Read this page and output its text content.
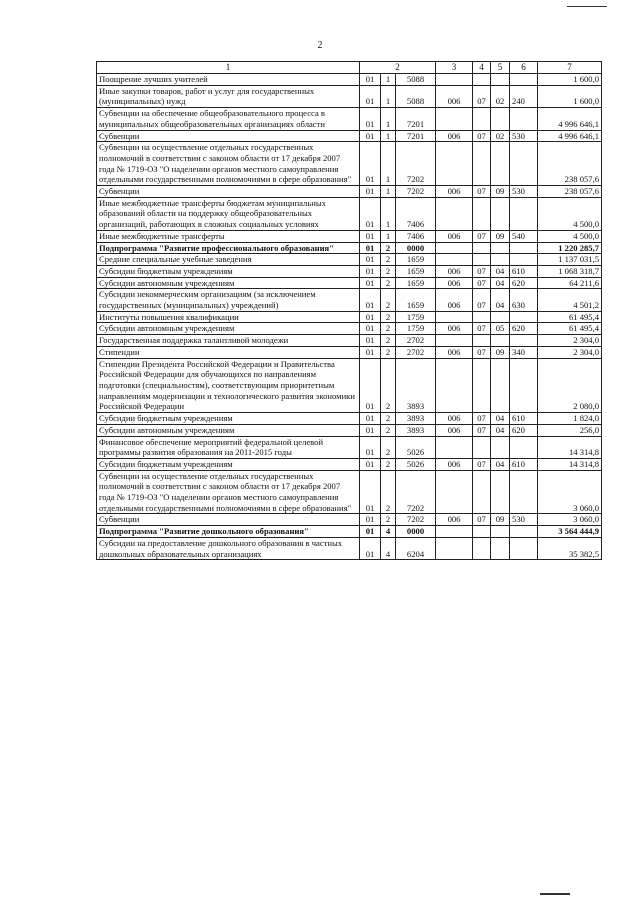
2
1	2			3	4	5	6	7
Поощрение лучших учителей	01	1	5088					1 600,0
Иные закупки товаров, работ и услуг для государственных (муниципальных) нужд	01	1	5088	006	07	02	240	1 600,0
Субвенции на обеспечение общеобразовательного процесса в муниципальных общеобразовательных организациях области	01	1	7201					4 996 646,1
Субвенции	01	1	7201	006	07	02	530	4 996 646,1
Субвенции на осуществление отдельных государственных полномочий в соответствии с законом области от 17 декабря 2007 года № 1719-ОЗ "О наделении органов местного самоуправления отдельными государственными полномочиями в сфере образования"	01	1	7202					238 057,6
Субвенции	01	1	7202	006	07	09	530	238 057,6
Иные межбюджетные трансферты бюджетам муниципальных образований области на поддержку общеобразовательных организаций, работающих в сложных социальных условиях	01	1	7406					4 500,0
Иные межбюджетные трансферты	01	1	7406	006	07	09	540	4 500,0
Подпрограмма "Развитие профессионального образования"	01	2	0000					1 220 285,7
Средние специальные учебные заведения	01	2	1659					1 137 031,5
Субсидии бюджетным учреждениям	01	2	1659	006	07	04	610	1 068 318,7
Субсидии автономным учреждениям	01	2	1659	006	07	04	620	64 211,6
Субсидии некоммерческим организациям (за исключением государственных (муниципальных) учреждений)	01	2	1659	006	07	04	630	4 501,2
Институты повышения квалификации	01	2	1759					61 495,4
Субсидии автономным учреждениям	01	2	1759	006	07	05	620	61 495,4
Государственная поддержка талантливой молодежи	01	2	2702					2 304,0
Стипендии	01	2	2702	006	07	09	340	2 304,0
Стипендии Президента Российской Федерации и Правительства Российской Федерации для обучающихся по направлениям подготовки (специальностям), соответствующим приоритетным направлениям модернизации и технологического развития экономики Российской Федерации	01	2	3893					2 080,0
Субсидии бюджетным учреждениям	01	2	3893	006	07	04	610	1 824,0
Субсидии автономным учреждениям	01	2	3893	006	07	04	620	256,0
Финансовое обеспечение мероприятий федеральной целевой программы развития образования на 2011-2015 годы	01	2	5026					14 314,8
Субсидии бюджетным учреждениям	01	2	5026	006	07	04	610	14 314,8
Субвенции на осуществление отдельных государственных полномочий в соответствии с законом области от 17 декабря 2007 года № 1719-ОЗ "О наделении органов местного самоуправления отдельными государственными полномочиями в сфере образования"	01	2	7202					3 060,0
Субвенции	01	2	7202	006	07	09	530	3 060,0
Подпрограмма "Развитие дошкольного образования"	01	4	0000					3 564 444,9
Субсидии на предоставление дошкольного образования в частных дошкольных образовательных организациях	01	4	6204					35 382,5
